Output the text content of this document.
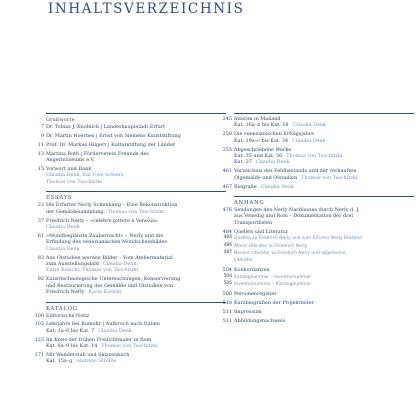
INHALTSVERZEICHNIS
Grußworte
7 Dr. Tobias J. Knoblich | Landeshauptstadt Erfurt
9 Dr. Martin Hoernes | Ernst von Siemens Kunststiftung
11 Prof. Dr. Markus Hilgert | Kulturstiftung der Länder
13 Martina Roth | Förderverein Freunde des
Angermuseums e.V.
15 Vorwort und Dank
Claudia Denk, Kai Uwe Schierz,
Thomas von Taschitzki
ESSAYS
23 Die Erfurter Nerly Schenkung – Eine Rekonstruktion
der Gemäldesammlung Thomas von Taschitzki
37 Friedrich Nerly – »celebre pittore a Venezia«
Claudia Denk
61 »Mondbeglänzte Zaubernacht« – Nerly und die
Erfindung des venezianischen Mondscheinbildes
Claudia Denk
83 Aus Ölstudien werden Bilder – Vom Ateliermaterial
zum Ausstellungsbild Claudia Denk,
Karin Kosicki, Thomas von Taschitzki
92 Kunsttechnologische Untersuchungen, Konservierung
und Restaurierung der Gemälde und Ölstudien von
Friedrich Nerly Karin Kosicki
KATALOG
100 Editorische Notiz
103 Lehrjahre bei Rumohr | Aufbruch nach Italien
Kat. 1a–6 bis Kat. 7 Claudia Denk
123 Im Kreis der frühen Freilichtmaler in Rom
Kat. 8a–9 bis Kat. 14 Thomas von Taschitzki
171 Mit Wanderstab und Skizzenbuch
Kat. 15a–g Andreas Stroble
245 Interim in Mailand
Kat. 16a–b bis Kat. 18 Claudia Denk
259 Die venezianischen Erfolgsjahre
Kat. 19a–c bis Kat. 34 Claudia Denk
355 Abgeschriebene Werke
Kat. 35 und Kat. 36 Thomas von Taschitzki
Kat. 37 Claudia Denk
461 Verzeichnis des Fehlbestands und der verkauften
Ölgemälde und Ölstudien Thomas von Taschitzki
467 Biografie Claudia Denk
ANHANG
476 Sendungen des Nerly Nachlasses durch Nerly d. J.
aus Venedig und Rom – Dokumentation der drei
Transportlisten
484 Quellen und Literatur
484 Quellen zu Friedrich Nerly und zum Erfurter Nerly Bestand
486 Ältere Literatur zu Friedrich Nerly
487 Neuere Literatur zu Friedrich Nerly und allgemeine
Literatur
504 Konkordanzen
504 Katalognummer – Inventarnummer
506 Inventarnummer – Katalognummer
508 Personenregister
510 Kurzbiografien der Projektteiter
511 Impressum
511 Abbildungsnachweis
